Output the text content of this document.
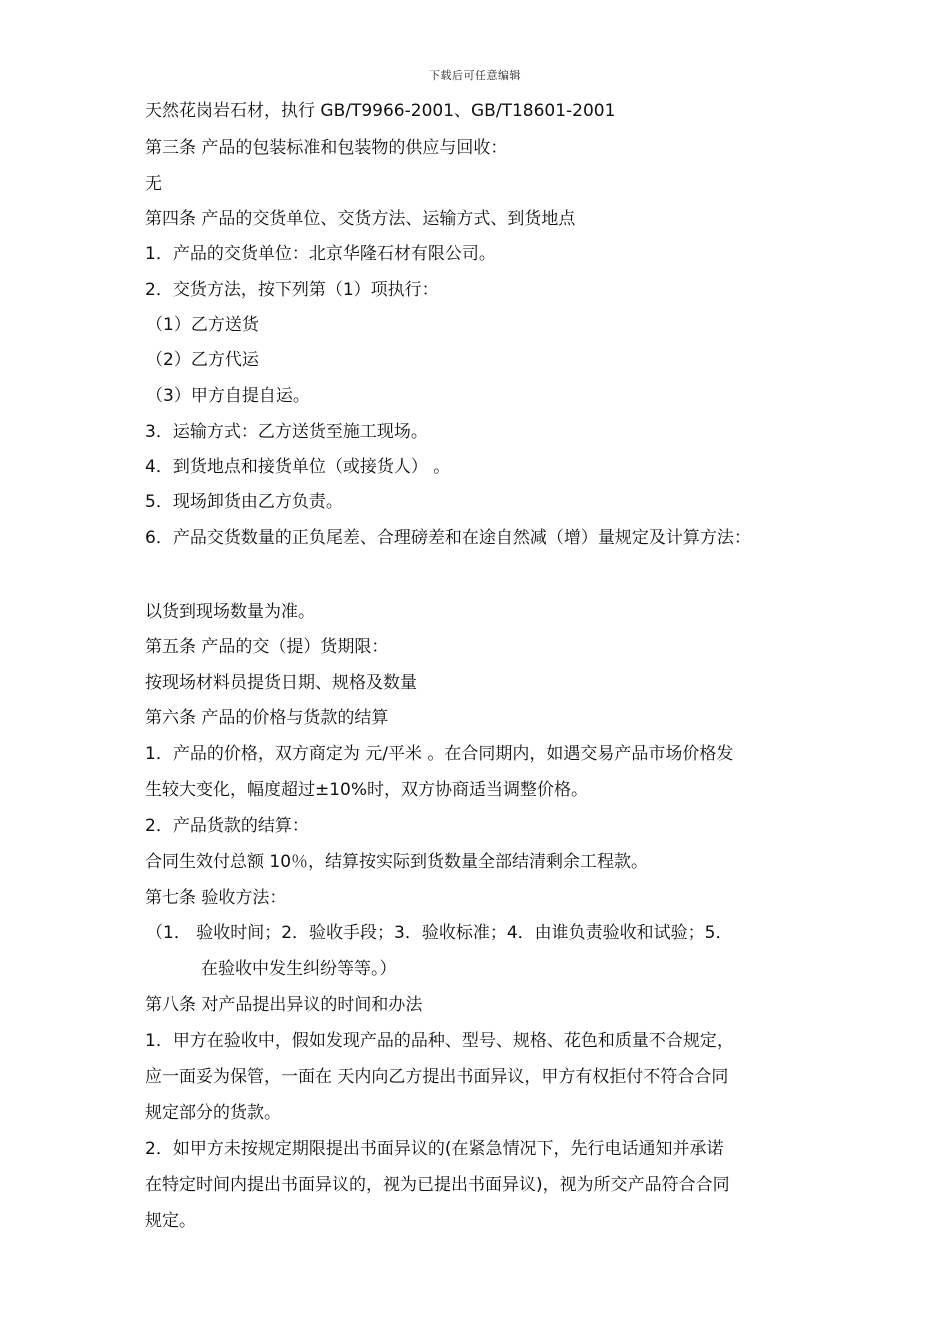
下载后可任意编辑
天然花岗岩石材，执行 GB/T9966-2001、GB/T18601-2001
第三条 产品的包装标准和包装物的供应与回收：
无
第四条 产品的交货单位、交货方法、运输方式、到货地点
1．产品的交货单位：北京华隆石材有限公司。
2．交货方法，按下列第（1）项执行：
（1）乙方送货
（2）乙方代运
（3）甲方自提自运。
3．运输方式：乙方送货至施工现场。
4．到货地点和接货单位（或接货人） 。
5．现场卸货由乙方负责。
6．产品交货数量的正负尾差、合理磅差和在途自然减（增）量规定及计算方法：
以货到现场数量为准。
第五条 产品的交（提）货期限：
按现场材料员提货日期、规格及数量
第六条 产品的价格与货款的结算
1．产品的价格，双方商定为 元/平米 。在合同期内，如遇交易产品市场价格发
生较大变化，幅度超过±10%时，双方协商适当调整价格。
2．产品货款的结算：
合同生效付总额 10％，结算按实际到货数量全部结清剩余工程款。
第七条 验收方法：
（1． 验收时间；2．验收手段；3．验收标准；4．由谁负责验收和试验；5．
在验收中发生纠纷等等。）
第八条 对产品提出异议的时间和办法
1．甲方在验收中，假如发现产品的品种、型号、规格、花色和质量不合规定，
应一面妥为保管，一面在 天内向乙方提出书面异议，甲方有权拒付不符合合同
规定部分的货款。
2．如甲方未按规定期限提出书面异议的(在紧急情况下，先行电话通知并承诺
在特定时间内提出书面异议的，视为已提出书面异议)，视为所交产品符合合同
规定。
